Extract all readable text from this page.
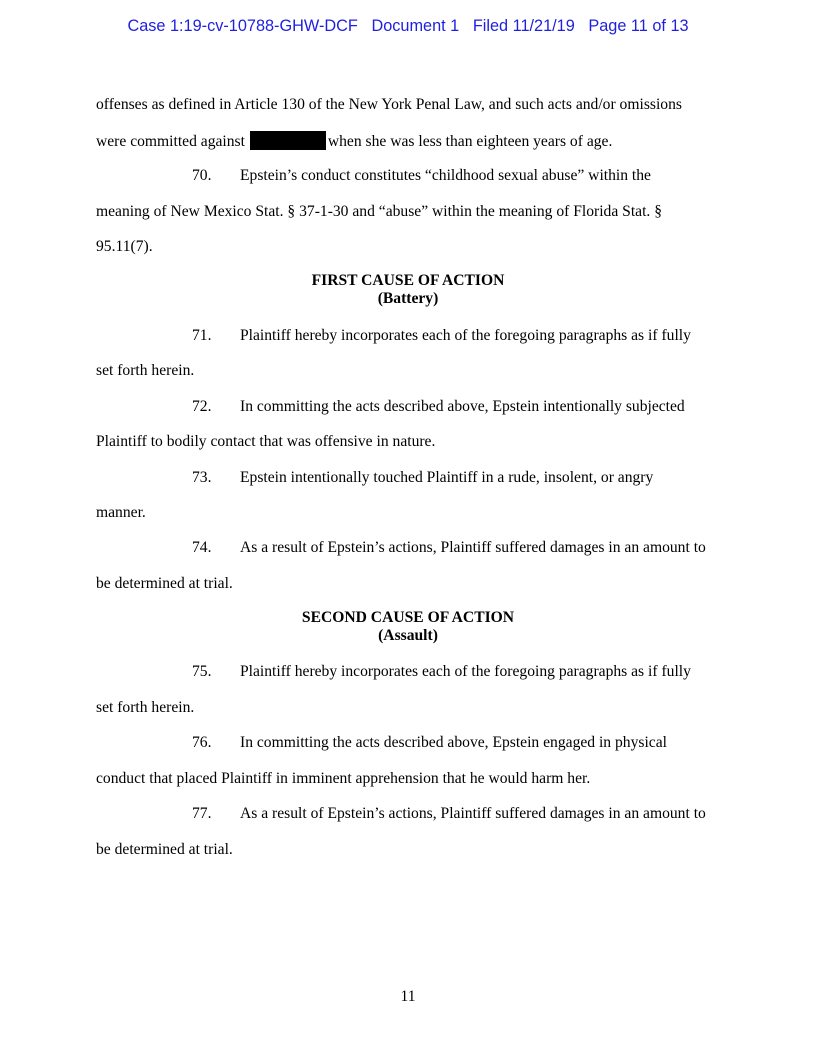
Case 1:19-cv-10788-GHW-DCF Document 1 Filed 11/21/19 Page 11 of 13
offenses as defined in Article 130 of the New York Penal Law, and such acts and/or omissions
were committed against	when she was less than eighteen years of age.
70. Epstein’s conduct constitutes “childhood sexual abuse” within the
meaning of New Mexico Stat. § 37-1-30 and “abuse” within the meaning of Florida Stat. §
95.11(7).
FIRST CAUSE OF ACTION
(Battery)
71. Plaintiff hereby incorporates each of the foregoing paragraphs as if fully
set forth herein.
72. In committing the acts described above, Epstein intentionally subjected
Plaintiff to bodily contact that was offensive in nature.
73. Epstein intentionally touched Plaintiff in a rude, insolent, or angry
manner.
74. As a result of Epstein’s actions, Plaintiff suffered damages in an amount to
be determined at trial.
SECOND CAUSE OF ACTION
(Assault)
75. Plaintiff hereby incorporates each of the foregoing paragraphs as if fully
set forth herein.
76. In committing the acts described above, Epstein engaged in physical
conduct that placed Plaintiff in imminent apprehension that he would harm her.
77. As a result of Epstein’s actions, Plaintiff suffered damages in an amount to
be determined at trial.
11
